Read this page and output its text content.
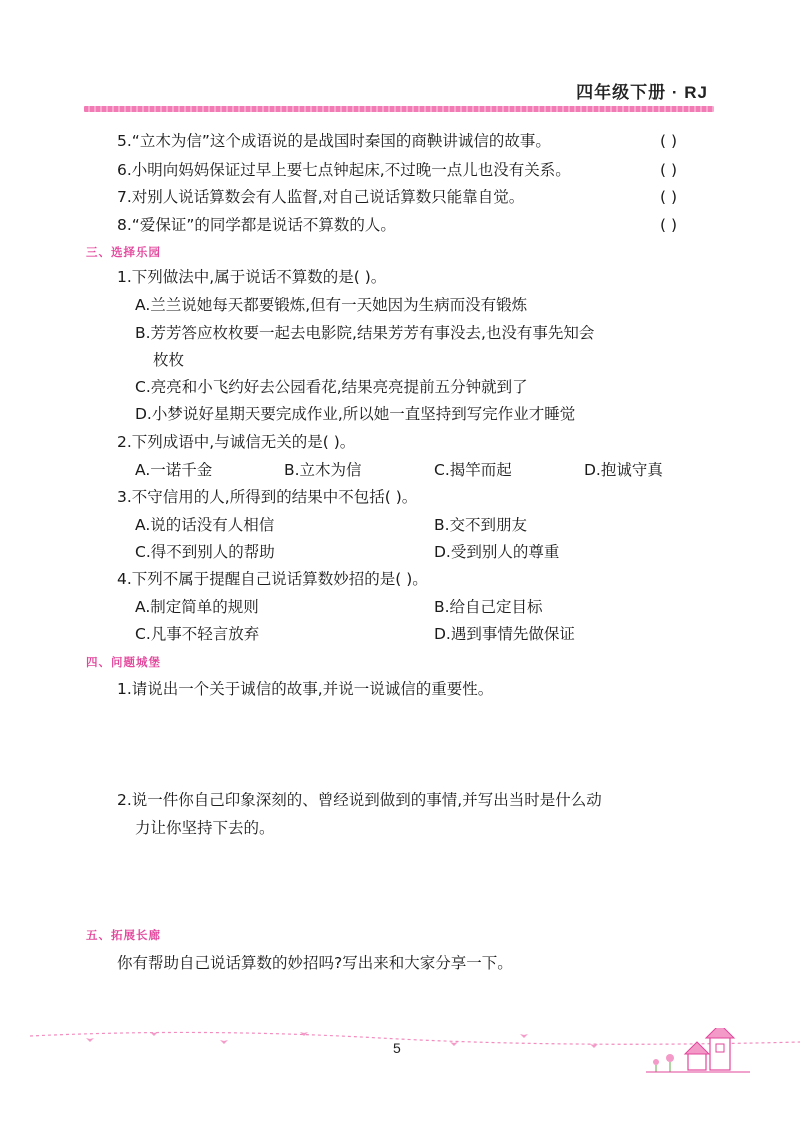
四年级下册 · RJ
5.“立木为信”这个成语说的是战国时秦国的商鞅讲诚信的故事。	( )
6.小明向妈妈保证过早上要七点钟起床,不过晚一点儿也没有关系。	( )
7.对别人说话算数会有人监督,对自己说话算数只能靠自觉。	( )
8.“爱保证”的同学都是说话不算数的人。	( )
三、选择乐园
1.下列做法中,属于说话不算数的是( )。
A.兰兰说她每天都要锻炼,但有一天她因为生病而没有锻炼
B.芳芳答应枚枚要一起去电影院,结果芳芳有事没去,也没有事先知会
枚枚
C.亮亮和小飞约好去公园看花,结果亮亮提前五分钟就到了
D.小梦说好星期天要完成作业,所以她一直坚持到写完作业才睡觉
2.下列成语中,与诚信无关的是( )。
A.一诺千金	B.立木为信	C.揭竿而起	D.抱诚守真
3.不守信用的人,所得到的结果中不包括( )。
A.说的话没有人相信	B.交不到朋友
C.得不到别人的帮助	D.受到别人的尊重
4.下列不属于提醒自己说话算数妙招的是( )。
A.制定简单的规则	B.给自己定目标
C.凡事不轻言放弃	D.遇到事情先做保证
四、问题城堡
1.请说出一个关于诚信的故事,并说一说诚信的重要性。
2.说一件你自己印象深刻的、曾经说到做到的事情,并写出当时是什么动
力让你坚持下去的。
五、拓展长廊
你有帮助自己说话算数的妙招吗?写出来和大家分享一下。
5
